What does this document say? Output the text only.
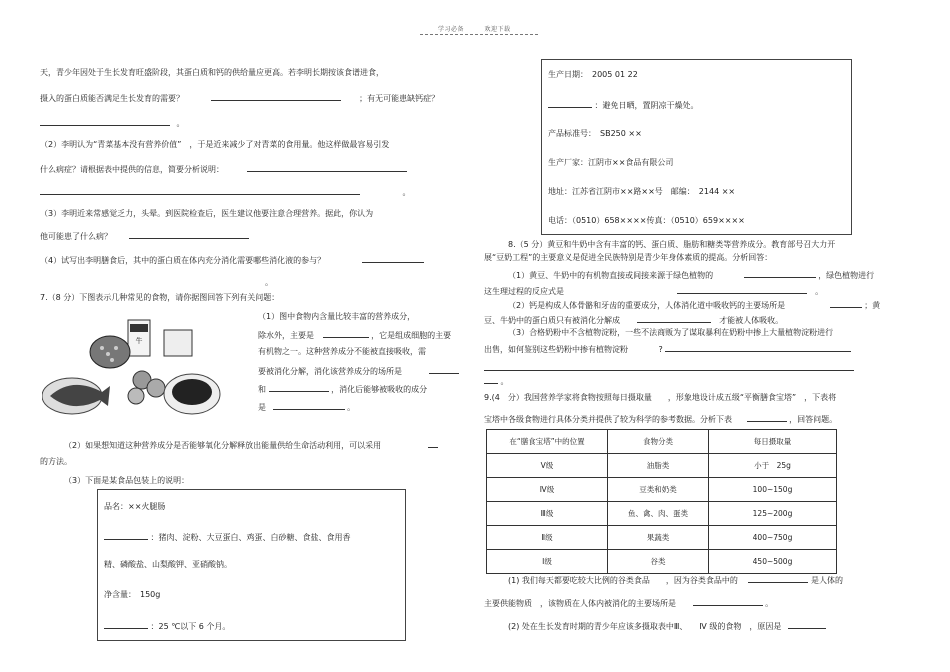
学习必备	欢迎下载
天，青少年因处于生长发育旺盛阶段，其蛋白质和钙的供给量应更高。若李明长期按该食谱进食，
摄入的蛋白质能否满足生长发育的需要？	；有无可能患缺钙症？
。
（2）李明认为“青菜基本没有营养价值”　，于是近来减少了对青菜的食用量。他这样做最容易引发
什么病症？请根据表中提供的信息，简要分析说明：
。
（3）李明近来常感觉乏力，头晕。到医院检查后，医生建议他要注意合理营养。据此，你认为
他可能患了什么病？
（4）试写出李明膳食后，其中的蛋白质在体内充分消化需要哪些消化液的参与？
。
7.（8 分）下图表示几种常见的食物，请你据图回答下列有关问题：
牛
（1）图中食物内含量比较丰富的营养成分，
除水外，主要是	，它是组成细胞的主要
有机物之一。这种营养成分不能被直接吸收，需
要被消化分解，消化该营养成分的场所是
和	，消化后能够被吸收的成分
是	。
（2）如果想知道这种营养成分是否能够氧化分解释放出能量供给生命活动利用，可以采用
的方法。
（3）下面是某食品包装上的说明：
品名：××火腿肠
：猪肉、淀粉、大豆蛋白、鸡蛋、白砂糖、食盐、食用香
精、磷酸盐、山梨酸钾、亚硝酸钠。
净含量：　150g
：25 ℃以下 6 个月。
生产日期：　2005 01 22
：避免日晒，置阴凉干燥处。
产品标准号：　SB250 ××
生产厂家：江阴市××食品有限公司
地址：江苏省江阴市××路××号　邮编：　2144 ××
电话：（0510）658××××传真：（0510）659××××
8.（5 分）黄豆和牛奶中含有丰富的钙、蛋白质、脂肪和糖类等营养成分。教育部号召大力开
展“豆奶工程”的主要意义是促进全民族特别是青少年身体素质的提高。分析回答：
（1）黄豆、牛奶中的有机物直接或间接来源于绿色植物的	，绿色植物进行
这生理过程的反应式是	。
（2）钙是构成人体骨骼和牙齿的重要成分，人体消化道中吸收钙的主要场所是	；黄
豆、牛奶中的蛋白质只有被消化分解成	才能被人体吸收。
（3）合格奶粉中不含植物淀粉，一些不法商贩为了谋取暴利在奶粉中掺上大量植物淀粉进行
出售，如何鉴别这些奶粉中掺有植物淀粉	?
。
9.(4　分）我国营养学家将食物按照每日摄取量　　，形象地设计成五级“平衡膳食宝塔”　，下表将
宝塔中各级食物进行具体分类并提供了较为科学的参考数据。分析下表	，回答问题。
在“膳食宝塔”中的位置	食物分类	每日摄取量
Ⅴ级	油脂类	小于　25g
Ⅳ级	豆类和奶类	100~150g
Ⅲ级	鱼、禽、肉、蛋类	125~200g
Ⅱ级	果蔬类	400~750g
Ⅰ级	谷类	450~500g
(1) 我们每天都要吃较大比例的谷类食品　　，因为谷类食品中的	是人体的
主要供能物质　，该物质在人体内被消化的主要场所是	。
(2) 处在生长发育时期的青少年应该多摄取表中Ⅲ、　　Ⅳ 级的食物　，原因是
